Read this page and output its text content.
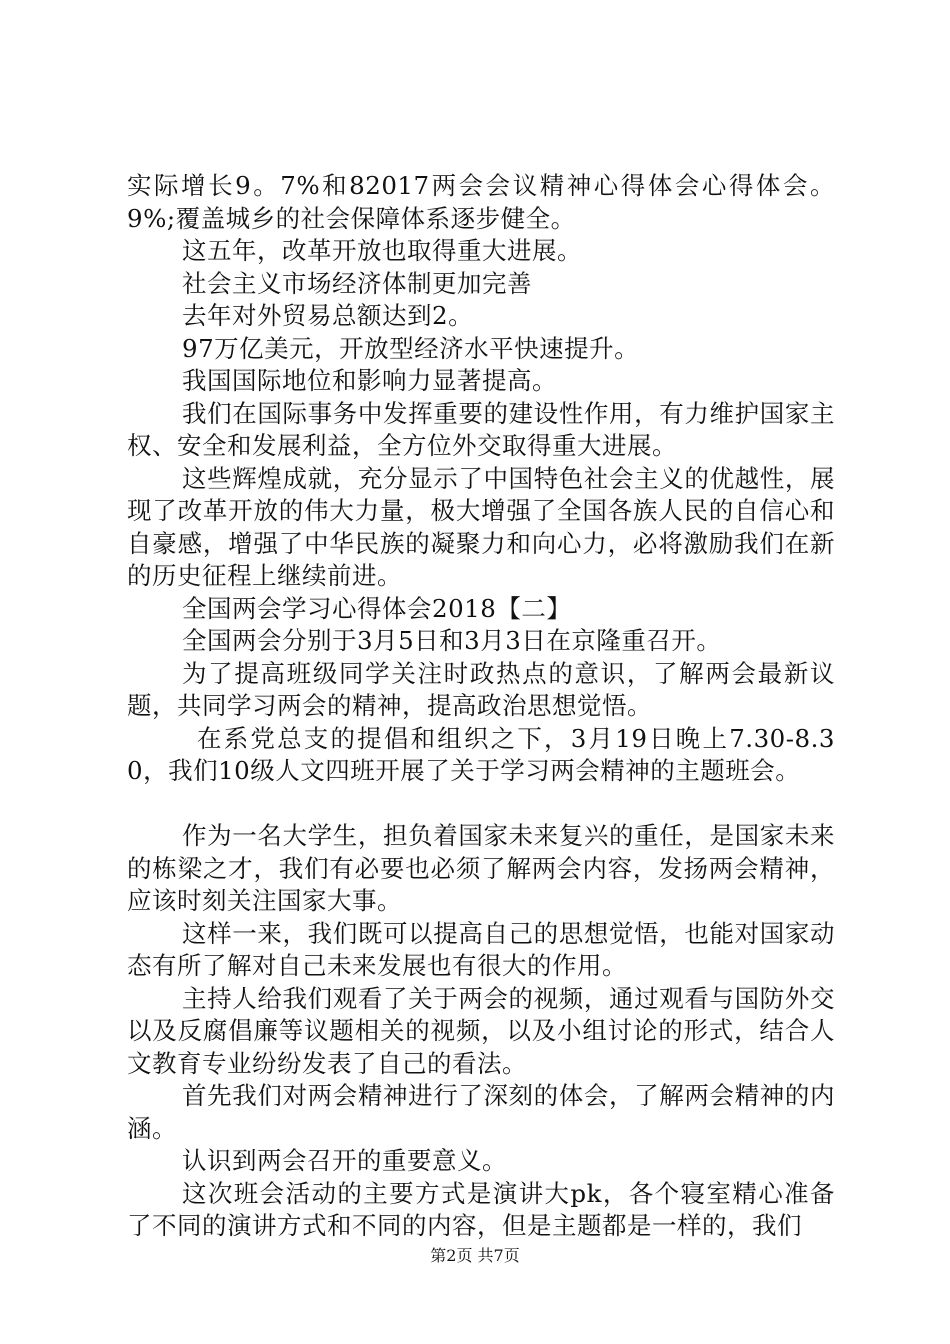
实际增长9。7%和82017两会会议精神心得体会心得体会。9%;覆盖城乡的社会保障体系逐步健全。

这五年，改革开放也取得重大进展。

社会主义市场经济体制更加完善

去年对外贸易总额达到2。

97万亿美元，开放型经济水平快速提升。

我国国际地位和影响力显著提高。

我们在国际事务中发挥重要的建设性作用，有力维护国家主权、安全和发展利益，全方位外交取得重大进展。

这些辉煌成就，充分显示了中国特色社会主义的优越性，展现了改革开放的伟大力量，极大增强了全国各族人民的自信心和自豪感，增强了中华民族的凝聚力和向心力，必将激励我们在新的历史征程上继续前进。

全国两会学习心得体会2018【二】

全国两会分别于3月5日和3月3日在京隆重召开。

为了提高班级同学关注时政热点的意识，了解两会最新议题，共同学习两会的精神，提高政治思想觉悟。

在系党总支的提倡和组织之下，3月19日晚上7.30-8.30，我们10级人文四班开展了关于学习两会精神的主题班会。

作为一名大学生，担负着国家未来复兴的重任，是国家未来的栋梁之才，我们有必要也必须了解两会内容，发扬两会精神，应该时刻关注国家大事。

这样一来，我们既可以提高自己的思想觉悟，也能对国家动态有所了解对自己未来发展也有很大的作用。

主持人给我们观看了关于两会的视频，通过观看与国防外交以及反腐倡廉等议题相关的视频，以及小组讨论的形式，结合人文教育专业纷纷发表了自己的看法。

首先我们对两会精神进行了深刻的体会，了解两会精神的内涵。

认识到两会召开的重要意义。

这次班会活动的主要方式是演讲大pk，各个寝室精心准备了不同的演讲方式和不同的内容，但是主题都是一样的，我们

第2页 共7页
